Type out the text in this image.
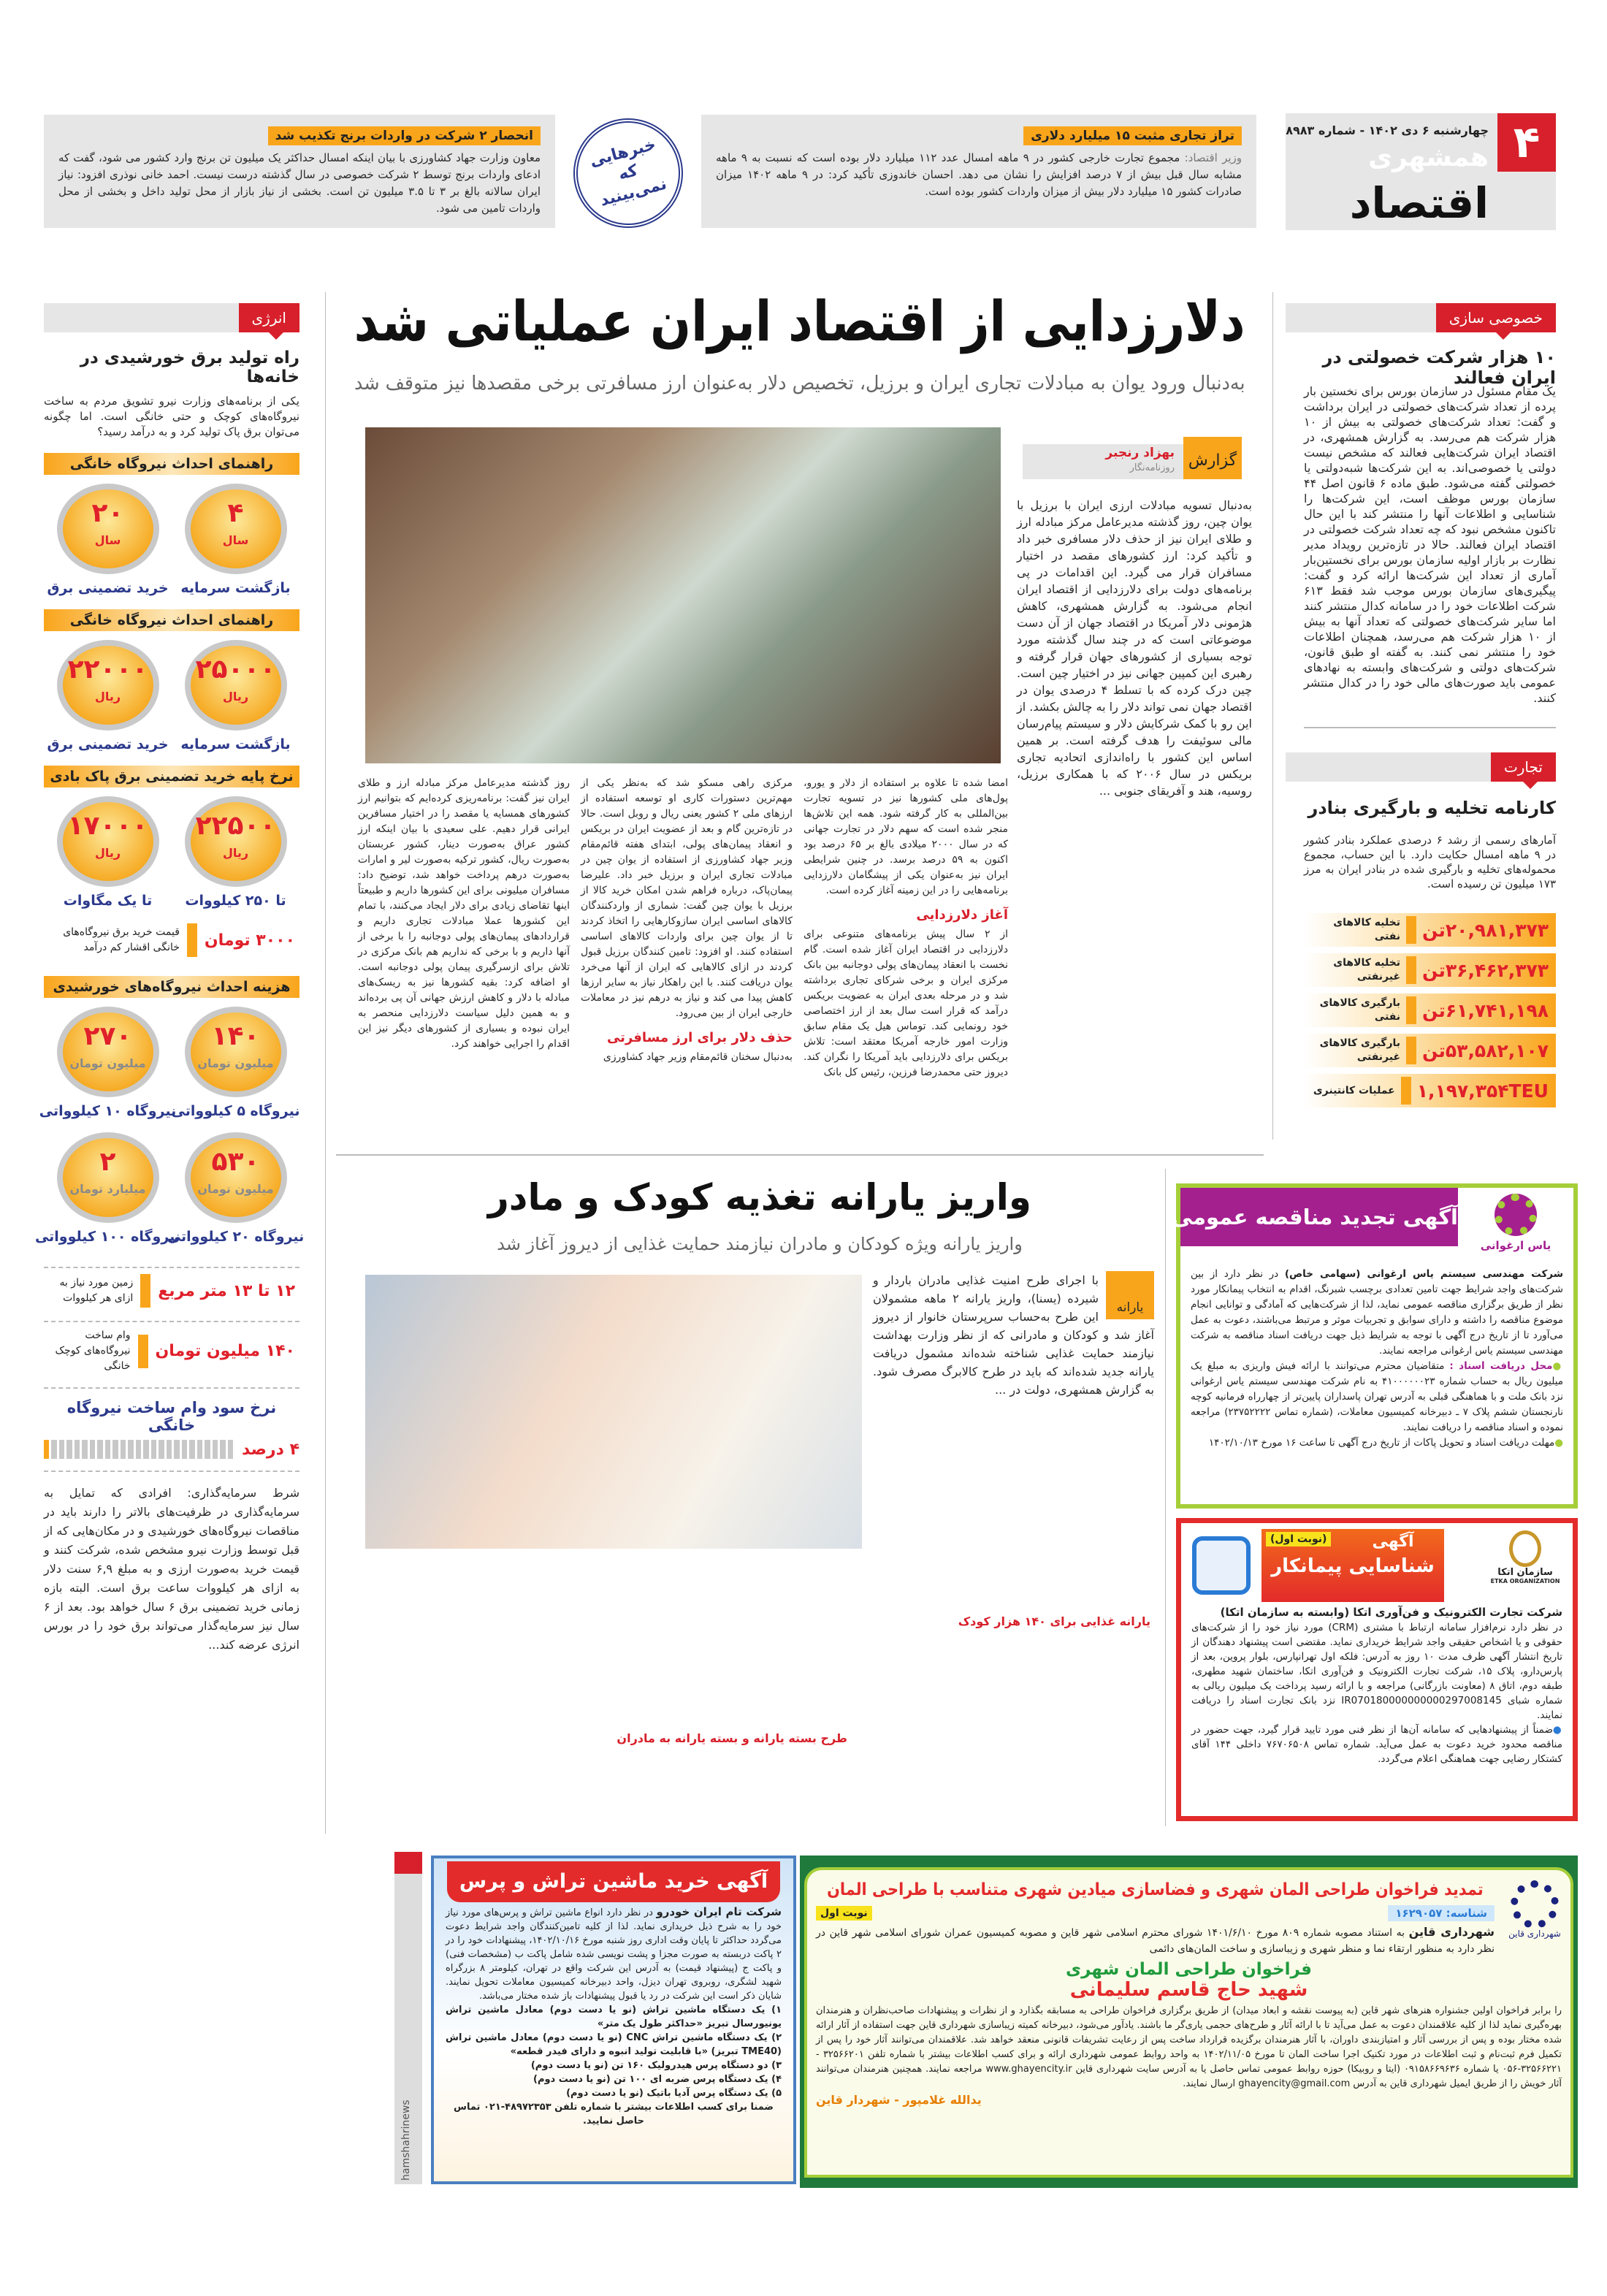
۴
چهارشنبه ۶ دی ۱۴۰۲ - شماره ۸۹۸۳
همشهری
اقتصاد
تراز تجاری مثبت ۱۵ میلیارد دلاری
وزیر اقتصاد: مجموع تجارت خارجی کشور در ۹ ماهه امسال عدد ۱۱۲ میلیارد دلار بوده است که نسبت به ۹ ماهه مشابه سال قبل بیش از ۷ درصد افزایش را نشان می دهد. احسان خاندوزی تأکید کرد: در ۹ ماهه ۱۴۰۲ میزان صادرات کشور ۱۵ میلیارد دلار بیش از میزان واردات کشور بوده است.
انحصار ۲ شرکت در واردات برنج تکذیب شد
معاون وزارت جهاد کشاورزی با بیان اینکه امسال حداکثر یک میلیون تن برنج وارد کشور می شود، گفت که ادعای واردات برنج توسط ۲ شرکت خصوصی در سال گذشته درست نیست. احمد خانی نوذری افزود: نیاز ایران سالانه بالغ بر ۳ تا ۳.۵ میلیون تن است. بخشی از نیاز بازار از محل تولید داخل و بخشی از محل واردات تامین می شود.
خبرهایی که نمی‌بینید
خصوصی سازی
۱۰ هزار شرکت خصولتی در ایران فعالند
یک مقام مسئول در سازمان بورس برای نخستین بار پرده از تعداد شرکت‌های خصولتی در ایران برداشت و گفت: تعداد شرکت‌های خصولتی به بیش از ۱۰ هزار شرکت هم می‌رسد. به گزارش همشهری، در اقتصاد ایران شرکت‌هایی فعالند که مشخص نیست دولتی یا خصوصی‌اند. به این شرکت‌ها شبه‌دولتی یا خصولتی گفته می‌شود. طبق ماده ۶ قانون اصل ۴۴ سازمان بورس موظف است، این شرکت‌ها را شناسایی و اطلاعات آنها را منتشر کند با این حال تاکنون مشخص نبود که چه تعداد شرکت خصولتی در اقتصاد ایران فعالند. حالا در تازه‌ترین رویداد مدیر نظارت بر بازار اولیه سازمان بورس برای نخستین‌بار آماری از تعداد این شرکت‌ها ارائه کرد و گفت: پیگیری‌های سازمان بورس موجب شد فقط ۶۱۳ شرکت اطلاعات خود را در سامانه کدال منتشر کنند اما سایر شرکت‌های خصولتی که تعداد آنها به بیش از ۱۰ هزار شرکت هم می‌رسد، همچنان اطلاعات خود را منتشر نمی کنند. به گفته او طبق قانون، شرکت‌های دولتی و شرکت‌های وابسته به نهادهای عمومی باید صورت‌های مالی خود را در کدال منتشر کنند.
تجارت
کارنامه تخلیه و بارگیری بنادر
آمارهای رسمی از رشد ۶ درصدی عملکرد بنادر کشور در ۹ ماهه امسال حکایت دارد. با این حساب، مجموع محموله‌های تخلیه و بارگیری شده در بنادر ایران به مرز ۱۷۳ میلیون تن رسیده است.
۲۰,۹۸۱,۳۷۳تن
تخلیه کالاهای نفتی
۳۶,۴۶۲,۳۷۳تن
تخلیه کالاهای غیرنفتی
۶۱,۷۴۱,۱۹۸تن
بارگیری کالاهای نفتی
۵۳,۵۸۲,۱۰۷تن
بارگیری کالاهای غیرنفتی
۱,۱۹۷,۳۵۴TEU
عملیات کانتینری
دلارزدایی از اقتصاد ایران عملیاتی شد
به‌دنبال ورود یوان به مبادلات تجاری ایران و برزیل، تخصیص دلار به‌عنوان ارز مسافرتی برخی مقصدها نیز متوقف شد
گزارش
بهزاد رنجبر
روزنامه‌نگار
به‌دنبال تسویه مبادلات ارزی ایران با برزیل با یوان چین، روز گذشته مدیرعامل مرکز مبادله ارز و طلای ایران نیز از حذف دلار مسافری خبر داد و تأکید کرد: ارز کشورهای مقصد در اختیار مسافران قرار می گیرد. این اقدامات در پی برنامه‌های دولت برای دلارزدایی از اقتصاد ایران انجام می‌شود. به گزارش همشهری، کاهش هژمونی دلار آمریکا در اقتصاد جهان از آن دست موضوعاتی است که در چند سال گذشته مورد توجه بسیاری از کشورهای جهان قرار گرفته و رهبری این کمپین جهانی نیز در اختیار چین است. چین درک کرده که با تسلط ۴ درصدی یوان در اقتصاد جهان نمی تواند دلار را به چالش بکشد. از این رو با کمک شرکایش دلار و سیستم پیام‌رسان مالی سوئیفت را هدف گرفته است. بر همین اساس این کشور با راه‌اندازی اتحادیه تجاری بریکس در سال ۲۰۰۶ که با همکاری برزیل، روسیه، هند و آفریقای جنوبی ...

امضا شده تا علاوه بر استفاده از دلار و یورو، پول‌های ملی کشورها نیز در تسویه تجارت بین‌المللی به کار گرفته شود. همه این تلاش‌ها منجر شده است که سهم دلار در تجارت جهانی که در سال ۲۰۰۰ میلادی بالغ بر ۶۵ درصد بود اکنون به ۵۹ درصد برسد. در چنین شرایطی ایران نیز به‌عنوان یکی از پیشگامان دلارزدایی برنامه‌هایی را در این زمینه آغاز کرده است.

آغاز دلارزدایی

از ۲ سال پیش برنامه‌های متنوعی برای دلارزدایی در اقتصاد ایران آغاز شده است. گام نخست با انعقاد پیمان‌های پولی دوجانبه بین بانک مرکزی ایران و برخی شرکای تجاری برداشته شد و در مرحله بعدی ایران به عضویت بریکس درآمد که قرار است سال بعد از ارز اختصاصی خود رونمایی کند. توماس هیل یک مقام سابق وزارت امور خارجه آمریکا معتقد است: تلاش بریکس برای دلارزدایی باید آمریکا را نگران کند. دیروز حتی محمدرضا فرزین، رئیس کل بانک

مرکزی راهی مسکو شد که به‌نظر یکی از مهم‌ترین دستورات کاری او توسعه استفاده از ارزهای ملی ۲ کشور یعنی ریال و روبل است. حالا در تازه‌ترین گام و بعد از عضویت ایران در بریکس و انعقاد پیمان‌های پولی، ابتدای هفته قائم‌مقام وزیر جهاد کشاورزی از استفاده از یوان چین در مبادلات تجاری ایران و برزیل خبر داد. علیرضا پیمان‌پاک، درباره فراهم شدن امکان خرید کالا از برزیل با یوان چین گفت: شماری از واردکنندگان کالاهای اساسی ایران سازوکارهایی را اتخاذ کردند تا از یوان چین برای واردات کالاهای اساسی استفاده کنند. او افزود: تامین کنندگان برزیل قبول کردند در ازای کالاهایی که ایران از آنها می‌خرد یوان دریافت کنند. با این راهکار نیاز به سایر ارزها کاهش پیدا می کند و نیاز به درهم نیز در معاملات خارجی ایران از بین می‌رود.

حذف دلار برای ارز مسافرتی

به‌دنبال سخنان قائم‌مقام وزیر جهاد کشاورزی

روز گذشته مدیرعامل مرکز مبادله ارز و طلای ایران نیز گفت: برنامه‌ریزی کرده‌ایم که بتوانیم ارز کشورهای همسایه یا مقصد را در اختیار مسافرین ایرانی قرار دهیم. علی سعیدی با بیان اینکه ارز کشور عراق به‌صورت دینار، کشور عربستان به‌صورت ریال، کشور ترکیه به‌صورت لیر و امارات به‌صورت درهم پرداخت خواهد شد، توضیح داد: مسافران میلیونی برای این کشورها داریم و طبیعتاً اینها تقاضای زیادی برای دلار ایجاد می‌کنند، با تمام این کشورها عملا مبادلات تجاری داریم و قراردادهای پیمان‌های پولی دوجانبه را با برخی از آنها داریم و با برخی که نداریم هم بانک مرکزی در تلاش برای ازسرگیری پیمان پولی دوجانبه است. او اضافه کرد: بقیه کشورها نیز به ریسک‌های مبادله با دلار و کاهش ارزش جهانی آن پی برده‌اند و به همین دلیل سیاست دلارزدایی منحصر به ایران نبوده و بسیاری از کشورهای دیگر نیز این اقدام را اجرایی خواهند کرد.
واریز یارانه تغذیه کودک و مادر
واریز یارانه ویژه کودکان و مادران نیازمند حمایت غذایی از دیروز آغاز شد
یارانه
با اجرای طرح امنیت غذایی مادران باردار و شیرده (یسنا)، واریز یارانه ۲ ماهه مشمولان این طرح به‌حساب سرپرستان خانوار از دیروز آغاز شد و کودکان و مادرانی که از نظر وزارت بهداشت نیازمند حمایت غذایی شناخته شده‌اند مشمول دریافت یارانه جدید شده‌اند که باید در طرح کالابرگ مصرف شود. به گزارش همشهری، دولت در ...
یارانه غذایی برای ۱۴۰ هزار کودک
طرح بسته یارانه و بسته یارانه به مادران
انرژی
راه تولید برق خورشیدی در خانه‌ها
یکی از برنامه‌های وزارت نیرو تشویق مردم به ساخت نیروگاه‌های کوچک و حتی خانگی است. اما چگونه می‌توان برق پاک تولید کرد و به درآمد رسید؟
راهنمای احداث نیروگاه خانگی
۴
سال
بازگشت سرمایه
۲۰
سال
خرید تضمینی برق
راهنمای احداث نیروگاه خانگی
۲۵۰۰۰
ریال
بازگشت سرمایه
۲۲۰۰۰
ریال
خرید تضمینی برق
نرخ پایه خرید تضمینی برق پاک بادی
۲۲۵۰۰
ریال
تا ۲۵۰ کیلووات
۱۷۰۰۰
ریال
تا یک مگاوات
۳۰۰۰ تومان
قیمت خرید برق نیروگاه‌های خانگی اقشار کم درآمد
هزینه احداث نیروگاه‌های خورشیدی
۱۴۰
میلیون تومان
نیروگاه ۵ کیلوواتی
۲۷۰
میلیون تومان
نیروگاه ۱۰ کیلوواتی
۵۳۰
میلیون تومان
نیروگاه ۲۰ کیلوواتی
۲
میلیارد تومان
نیروگاه ۱۰۰ کیلوواتی
۱۲ تا ۱۳ متر مربع
زمین مورد نیاز به ازای هر کیلووات
۱۴۰ میلیون تومان
وام ساخت نیروگاه‌های کوچک خانگی
نرخ سود وام ساخت نیروگاه خانگی
۴ درصد
شرط سرمایه‌گذاری: افرادی که تمایل به سرمایه‌گذاری در ظرفیت‌های بالاتر را دارند باید در مناقصات نیروگاه‌های خورشیدی و در مکان‌هایی که از قبل توسط وزارت نیرو مشخص شده، شرکت کنند و قیمت خرید به‌صورت ارزی و به مبلغ ۶,۹ سنت دلار به ازای هر کیلووات ساعت برق است. البته بازه زمانی خرید تضمینی برق ۶ سال خواهد بود. بعد از ۶ سال نیز سرمایه‌گذار می‌تواند برق خود را در بورس انرژی عرضه کند...
hamshahrinews
آگهی تجدید مناقصه عمومی
یاس ارغوانی

شرکت مهندسی سیستم یاس ارغوانی (سهامی خاص) در نظر دارد از بین شرکت‌های واجد شرایط جهت تامین تعدادی برچسب شبرنگ، اقدام به انتخاب پیمانکار مورد نظر از طریق برگزاری مناقصه عمومی نماید، لذا از شرکت‌هایی که آمادگی و توانایی انجام موضوع مناقصه را داشته و دارای سوابق و تجربیات موثر و مرتبط می‌باشند، دعوت به عمل می‌آورد تا از تاریخ درج آگهی با توجه به شرایط ذیل جهت دریافت اسناد مناقصه به شرکت مهندسی سیستم یاس ارغوانی مراجعه نمایند.

●محل دریافت اسناد : متقاضیان محترم می‌توانند با ارائه فیش واریزی به مبلغ یک میلیون ریال به حساب شماره ۴۱۰۰۰۰۰۰۲۳ به نام شرکت مهندسی سیستم یاس ارغوانی نزد بانک ملت و با هماهنگی قبلی به آدرس تهران پاسداران پایین‌تر از چهارراه فرمانیه کوچه نارنجستان ششم پلاک ۷ ـ دبیرخانه کمیسیون معاملات، (شماره تماس ۲۳۷۵۲۲۲۲) مراجعه نموده و اسناد مناقصه را دریافت نمایند.

●مهلت دریافت اسناد و تحویل پاکات از تاریخ درج آگهی تا ساعت ۱۶ مورخ ۱۴۰۲/۱۰/۱۳

آگهی
شناسایی پیمانکار
(نوبت اول)
سازمان اتکا
ETKA ORGANIZATION

شرکت تجارت الکترونیک و فن‌آوری اتکا (وابسته به سازمان اتکا)

در نظر دارد نرم‌افزار سامانه ارتباط با مشتری (CRM) مورد نیاز خود را از شرکت‌های حقوقی و یا اشخاص حقیقی واجد شرایط خریداری نماید. مقتضی است پیشنهاد دهندگان از تاریخ انتشار آگهی ظرف مدت ۱۰ روز به آدرس: فلکه اول تهرانپارس، بلوار پروین، بعد از پارس‌دارو، پلاک ۱۵، شرکت تجارت الکترونیک و فن‌آوری اتکا، ساختمان شهید مطهری، طبقه دوم، اتاق ۸ (معاونت بازرگانی) مراجعه و با ارائه رسید پرداخت یک میلیون ریالی به شماره شبای IR070180000000000297008145 نزد بانک تجارت اسناد را دریافت نمایند.

●ضمناً از پیشنهادهایی که سامانه آن‌ها از نظر فنی مورد تایید قرار گیرد، جهت حضور در مناقصه محدود خرید دعوت به عمل می‌آید. شماره تماس ۷۶۷۰۶۵۰۸ داخلی ۱۴۴ آقای کشتکار رضایی جهت هماهنگی اعلام می‌گردد.

شهرداری قاین
تمدید فراخوان طراحی المان شهری و فضاسازی میادین شهری متناسب با طراحی المان
شناسه: ۱۶۲۹۰۵۷
نوبت اول
شهرداری قاین به استناد مصوبه شماره ۸۰۹ مورخ ۱۴۰۱/۶/۱۰ شورای محترم اسلامی شهر قاین و مصوبه کمیسیون عمران شورای اسلامی شهر قاین در نظر دارد به منظور ارتقاء نما و منظر شهری و زیباسازی و ساخت المان‌های دائمی
فراخوان طراحی المان شهری
شهید حاج قاسم سلیمانی
را برابر فراخوان اولین جشنواره هنرهای شهر قاین (به پیوست نقشه و ابعاد میدان) از طریق برگزاری فراخوان طراحی به مسابقه بگذارد و از نظرات و پیشنهادات صاحب‌نظران و هنرمندان بهره‌گیری نماید لذا از کلیه علاقمندان دعوت به عمل می‌آید تا با ارائه آثار و طرح‌های حجمی یاری‌گر ما باشند. یادآور می‌شود، دبیرخانه کمیته زیباسازی شهرداری قاین جهت استفاده از آثار ارائه شده مختار بوده و پس از بررسی آثار و امتیازبندی داوران، با آثار هنرمندان برگزیده قرارداد ساخت پس از رعایت تشریفات قانونی منعقد خواهد شد. علاقمندان می‌توانند آثار خود را پس از تکمیل فرم ثبت‌نام و ثبت اطلاعات در مورد تکنیک اجرا ساخت المان تا مورخ ۱۴۰۲/۱۱/۰۵ به واحد روابط عمومی شهرداری ارائه و برای کسب اطلاعات بیشتر با شماره تلفن ۳۲۵۶۶۲۰۱ - ۳۲۵۶۶۲۲۱-۰۵۶ یا شماره ۰۹۱۵۸۶۶۹۶۳۶ (ایتا و روبیکا) حوزه روابط عمومی تماس حاصل یا به آدرس سایت شهرداری قاین www.ghayencity.ir مراجعه نمایند. همچنین هنرمندان می‌توانند آثار خویش را از طریق ایمیل شهرداری قاین به آدرس ghayencity@gmail.com ارسال نمایند.
یدالله غلامپور - شهردار قاین
آگهی خرید ماشین تراش و پرس

شرکت تام ایران خودرو در نظر دارد انواع ماشین تراش و پرس‌های مورد نیاز خود را به شرح ذیل خریداری نماید. لذا از کلیه تامین‌کنندگان واجد شرایط دعوت می‌گردد حداکثر تا پایان وقت اداری روز شنبه مورخ ۱۴۰۲/۱۰/۱۶، پیشنهادات خود را در ۲ پاکت دربسته به صورت مجزا و پشت نویسی شده شامل پاکت ب (مشخصات فنی) و پاکت ج (پیشنهاد قیمت) به آدرس این شرکت واقع در تهران، کیلومتر ۸ بزرگراه شهید لشگری، روبروی تهران دیزل، واحد دبیرخانه کمیسیون معاملات تحویل نمایند. شایان ذکر است این شرکت در رد یا قبول پیشنهادات باز شده مختار می‌باشد.

۱) یک دستگاه ماشین تراش (نو یا دست دوم) معادل ماشین تراش یونیورسال تبریز «حداکثر طول یک متر»

۲) یک دستگاه ماشین تراش CNC (نو یا دست دوم) معادل ماشین تراش (TME40 تبریز) «با قابلیت تولید انبوه و دارای فیدر قطعه»

۳) دو دستگاه پرس هیدرولیک ۱۶۰ تن (نو یا دست دوم)

۴) یک دستگاه پرس ضربه ای ۱۰۰ تن (نو یا دست دوم)

۵) یک دستگاه پرس آدیا باتیک (نو یا دست دوم)

ضمنا برای کسب اطلاعات بیشتر با شماره تلفن ۴۸۹۷۲۳۵۳-۰۲۱ تماس حاصل نمایید.
